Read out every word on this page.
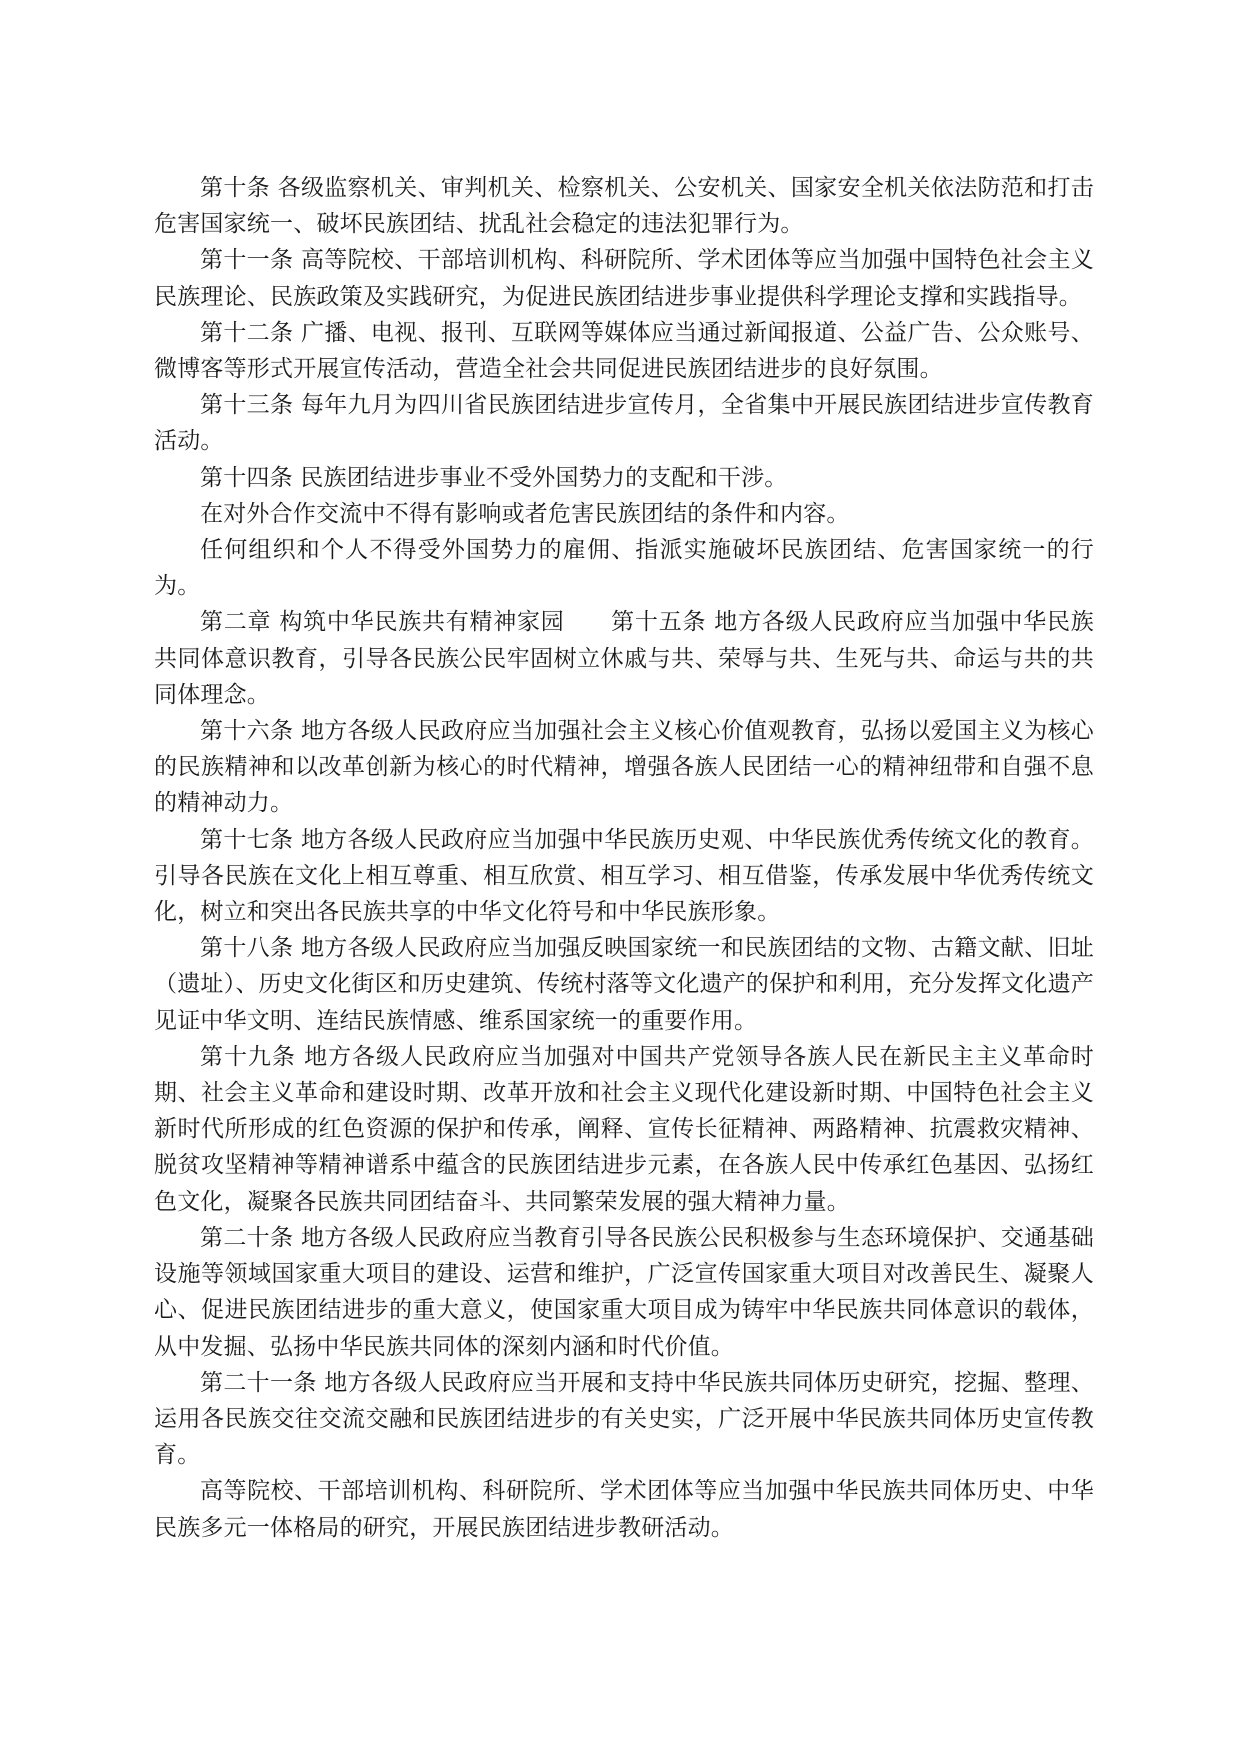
第十条 各级监察机关、审判机关、检察机关、公安机关、国家安全机关依法防范和打击危害国家统一、破坏民族团结、扰乱社会稳定的违法犯罪行为。

第十一条 高等院校、干部培训机构、科研院所、学术团体等应当加强中国特色社会主义民族理论、民族政策及实践研究，为促进民族团结进步事业提供科学理论支撑和实践指导。

第十二条 广播、电视、报刊、互联网等媒体应当通过新闻报道、公益广告、公众账号、微博客等形式开展宣传活动，营造全社会共同促进民族团结进步的良好氛围。

第十三条 每年九月为四川省民族团结进步宣传月，全省集中开展民族团结进步宣传教育活动。

第十四条 民族团结进步事业不受外国势力的支配和干涉。

在对外合作交流中不得有影响或者危害民族团结的条件和内容。

任何组织和个人不得受外国势力的雇佣、指派实施破坏民族团结、危害国家统一的行为。

第二章 构筑中华民族共有精神家园 第十五条 地方各级人民政府应当加强中华民族共同体意识教育，引导各民族公民牢固树立休戚与共、荣辱与共、生死与共、命运与共的共同体理念。

第十六条 地方各级人民政府应当加强社会主义核心价值观教育，弘扬以爱国主义为核心的民族精神和以改革创新为核心的时代精神，增强各族人民团结一心的精神纽带和自强不息的精神动力。

第十七条 地方各级人民政府应当加强中华民族历史观、中华民族优秀传统文化的教育。引导各民族在文化上相互尊重、相互欣赏、相互学习、相互借鉴，传承发展中华优秀传统文化，树立和突出各民族共享的中华文化符号和中华民族形象。

第十八条 地方各级人民政府应当加强反映国家统一和民族团结的文物、古籍文献、旧址（遗址）、历史文化街区和历史建筑、传统村落等文化遗产的保护和利用，充分发挥文化遗产见证中华文明、连结民族情感、维系国家统一的重要作用。

第十九条 地方各级人民政府应当加强对中国共产党领导各族人民在新民主主义革命时期、社会主义革命和建设时期、改革开放和社会主义现代化建设新时期、中国特色社会主义新时代所形成的红色资源的保护和传承，阐释、宣传长征精神、两路精神、抗震救灾精神、脱贫攻坚精神等精神谱系中蕴含的民族团结进步元素，在各族人民中传承红色基因、弘扬红色文化，凝聚各民族共同团结奋斗、共同繁荣发展的强大精神力量。

第二十条 地方各级人民政府应当教育引导各民族公民积极参与生态环境保护、交通基础设施等领域国家重大项目的建设、运营和维护，广泛宣传国家重大项目对改善民生、凝聚人心、促进民族团结进步的重大意义，使国家重大项目成为铸牢中华民族共同体意识的载体，从中发掘、弘扬中华民族共同体的深刻内涵和时代价值。

第二十一条 地方各级人民政府应当开展和支持中华民族共同体历史研究，挖掘、整理、运用各民族交往交流交融和民族团结进步的有关史实，广泛开展中华民族共同体历史宣传教育。

高等院校、干部培训机构、科研院所、学术团体等应当加强中华民族共同体历史、中华民族多元一体格局的研究，开展民族团结进步教研活动。
